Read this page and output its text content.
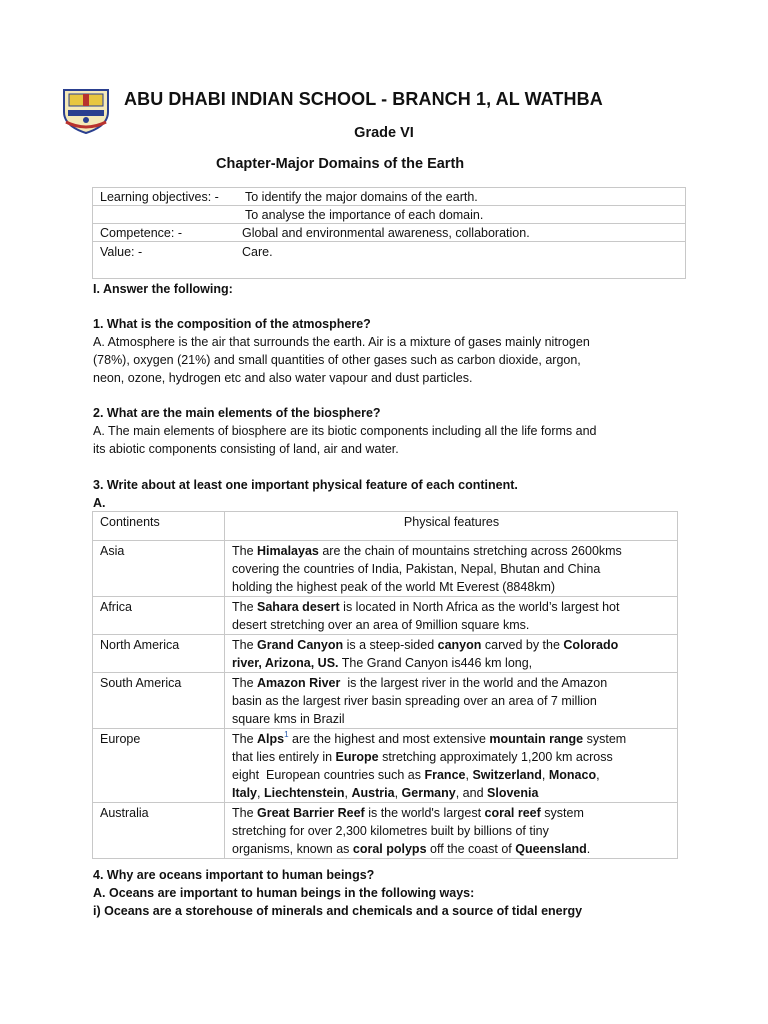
ABU DHABI INDIAN SCHOOL - BRANCH 1, AL WATHBA
Grade VI
Chapter-Major Domains of the Earth
Learning objectives: - To identify the major domains of the earth.
To analyse the importance of each domain.
Competence: -	Global and environmental awareness, collaboration.
Value: -	Care.
I. Answer the following:
1. What is the composition of the atmosphere?
A. Atmosphere is the air that surrounds the earth. Air is a mixture of gases mainly nitrogen
(78%), oxygen (21%) and small quantities of other gases such as carbon dioxide, argon,
neon, ozone, hydrogen etc and also water vapour and dust particles.
2. What are the main elements of the biosphere?
A. The main elements of biosphere are its biotic components including all the life forms and
its abiotic components consisting of land, air and water.
3. Write about at least one important physical feature of each continent.
A.
Continents	Physical features
Asia	The Himalayas are the chain of mountains stretching across 2600kms
covering the countries of India, Pakistan, Nepal, Bhutan and China
holding the highest peak of the world Mt Everest (8848km)

Africa	The Sahara desert is located in North Africa as the world’s largest hot
desert stretching over an area of 9million square kms.

North America	The Grand Canyon is a steep-sided canyon carved by the Colorado
river, Arizona, US. The Grand Canyon is446 km long,

South America	The Amazon River  is the largest river in the world and the Amazon
basin as the largest river basin spreading over an area of 7 million
square kms in Brazil

Europe	The Alps$^1$ are the highest and most extensive mountain range system
that lies entirely in Europe stretching approximately 1,200 km across
eight  European countries such as France, Switzerland, Monaco,
Italy, Liechtenstein, Austria, Germany, and Slovenia

Australia	The Great Barrier Reef is the world's largest coral reef system
stretching for over 2,300 kilometres built by billions of tiny
organisms, known as coral polyps off the coast of Queensland.
4. Why are oceans important to human beings?
A. Oceans are important to human beings in the following ways:
i) Oceans are a storehouse of minerals and chemicals and a source of tidal energy
